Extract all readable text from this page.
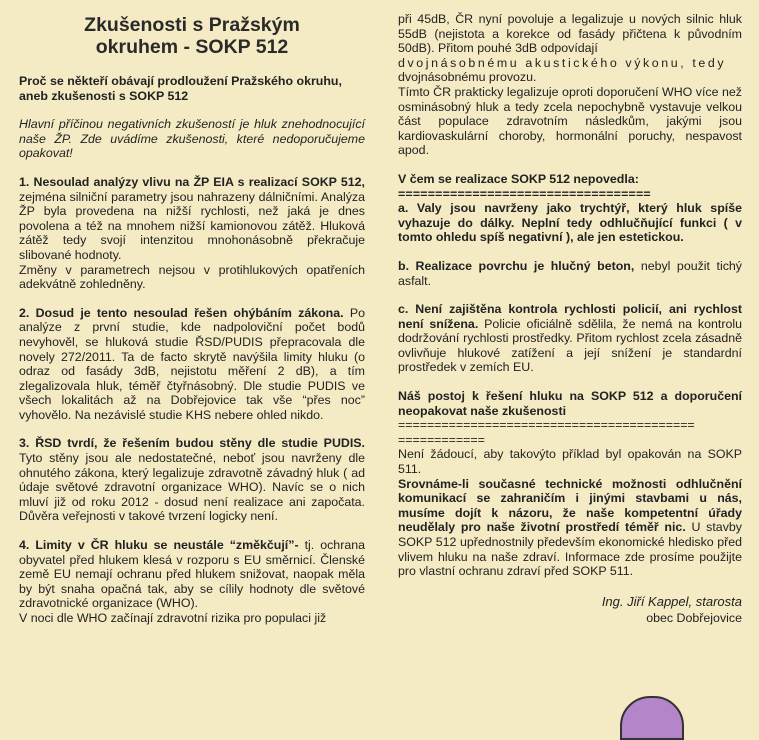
Zkušenosti s Pražským
okruhem - SOKP 512

Proč se někteří obávají prodloužení Pražského okruhu, aneb zkušenosti s SOKP 512

Hlavní příčinou negativních zkušeností je hluk znehodnocující naše ŽP. Zde uvádíme zkušenosti, které nedoporučujeme opakovat!

1. Nesoulad analýzy vlivu na ŽP EIA s realizací SOKP 512, zejména silniční parametry jsou nahrazeny dálničními. Analýza ŽP byla provedena na nižší rychlosti, než jaká je dnes povolena a též na mnohem nižší kamionovou zátěž. Hluková zátěž tedy svojí intenzitou mnohonásobně překračuje slibované hodnoty.

Změny v parametrech nejsou v protihlukových opatřeních adekvátně zohledněny.

2. Dosud je tento nesoulad řešen ohýbáním zákona. Po analýze z první studie, kde nadpoloviční počet bodů nevyhověl, se hluková studie ŘSD/PUDIS přepracovala dle novely 272/2011. Ta de facto skrytě navýšila limity hluku (o odraz od fasády 3dB, nejistotu měření 2 dB), a tím zlegalizovala hluk, téměř čtyřnásobný. Dle studie PUDIS ve všech lokalitách až na Dobřejovice tak vše “přes noc” vyhovělo. Na nezávislé studie KHS nebere ohled nikdo.

3. ŘSD tvrdí, že řešením budou stěny dle studie PUDIS. Tyto stěny jsou ale nedostatečné, neboť jsou navrženy dle ohnutého zákona, který legalizuje zdravotně závadný hluk ( ad údaje světové zdravotní organizace WHO). Navíc se o nich mluví již od roku 2012 - dosud není realizace ani započata. Důvěra veřejnosti v takové tvrzení logicky není.

4. Limity v ČR hluku se neustále “změkčují”- tj. ochrana obyvatel před hlukem klesá v rozporu s EU směrnicí. Členské země EU nemají ochranu před hlukem snižovat, naopak měla by být snaha opačná tak, aby se cílily hodnoty dle světové zdravotnické organizace (WHO).

V noci dle WHO začínají zdravotní rizika pro populaci již

při 45dB, ČR nyní povoluje a legalizuje u nových silnic hluk 55dB (nejistota a korekce od fasády přičtena k původním 50dB). Přitom pouhé 3dB odpovídají

dvojnásobnému akustického výkonu, tedy

dvojnásobnému provozu.

Tímto ČR prakticky legalizuje oproti doporučení WHO více než osminásobný hluk a tedy zcela nepochybně vystavuje velkou část populace zdravotním následkům, jakými jsou kardiovaskulární choroby, hormonální poruchy, nespavost apod.

V čem se realizace SOKP 512 nepovedla:

==================================

a. Valy jsou navrženy jako trychtýř, který hluk spíše vyhazuje do dálky. Neplní tedy odhlučňující funkci ( v tomto ohledu spíš negativní ), ale jen estetickou.

b. Realizace povrchu je hlučný beton, nebyl použit tichý asfalt.

c. Není zajištěna kontrola rychlosti policií, ani rychlost není snížena. Policie oficiálně sdělila, že nemá na kontrolu dodržování rychlosti prostředky. Přitom rychlost zcela zásadně ovlivňuje hlukové zatížení a její snížení je standardní prostředek v zemích EU.

Náš postoj k řešení hluku na SOKP 512 a doporučení neopakovat naše zkušenosti

=========================================
============

Není žádoucí, aby takovýto příklad byl opakován na SOKP 511.

Srovnáme-li současné technické možnosti odhlučnění komunikací se zahraničím i jinými stavbami u nás, musíme dojít k názoru, že naše kompetentní úřady neudělaly pro naše životní prostředí téměř nic. U stavby SOKP 512 upřednostnily především ekonomické hledisko před vlivem hluku na naše zdraví. Informace zde prosíme použijte pro vlastní ochranu zdraví před SOKP 511.

Ing. Jiří Kappel, starosta
obec Dobřejovice
